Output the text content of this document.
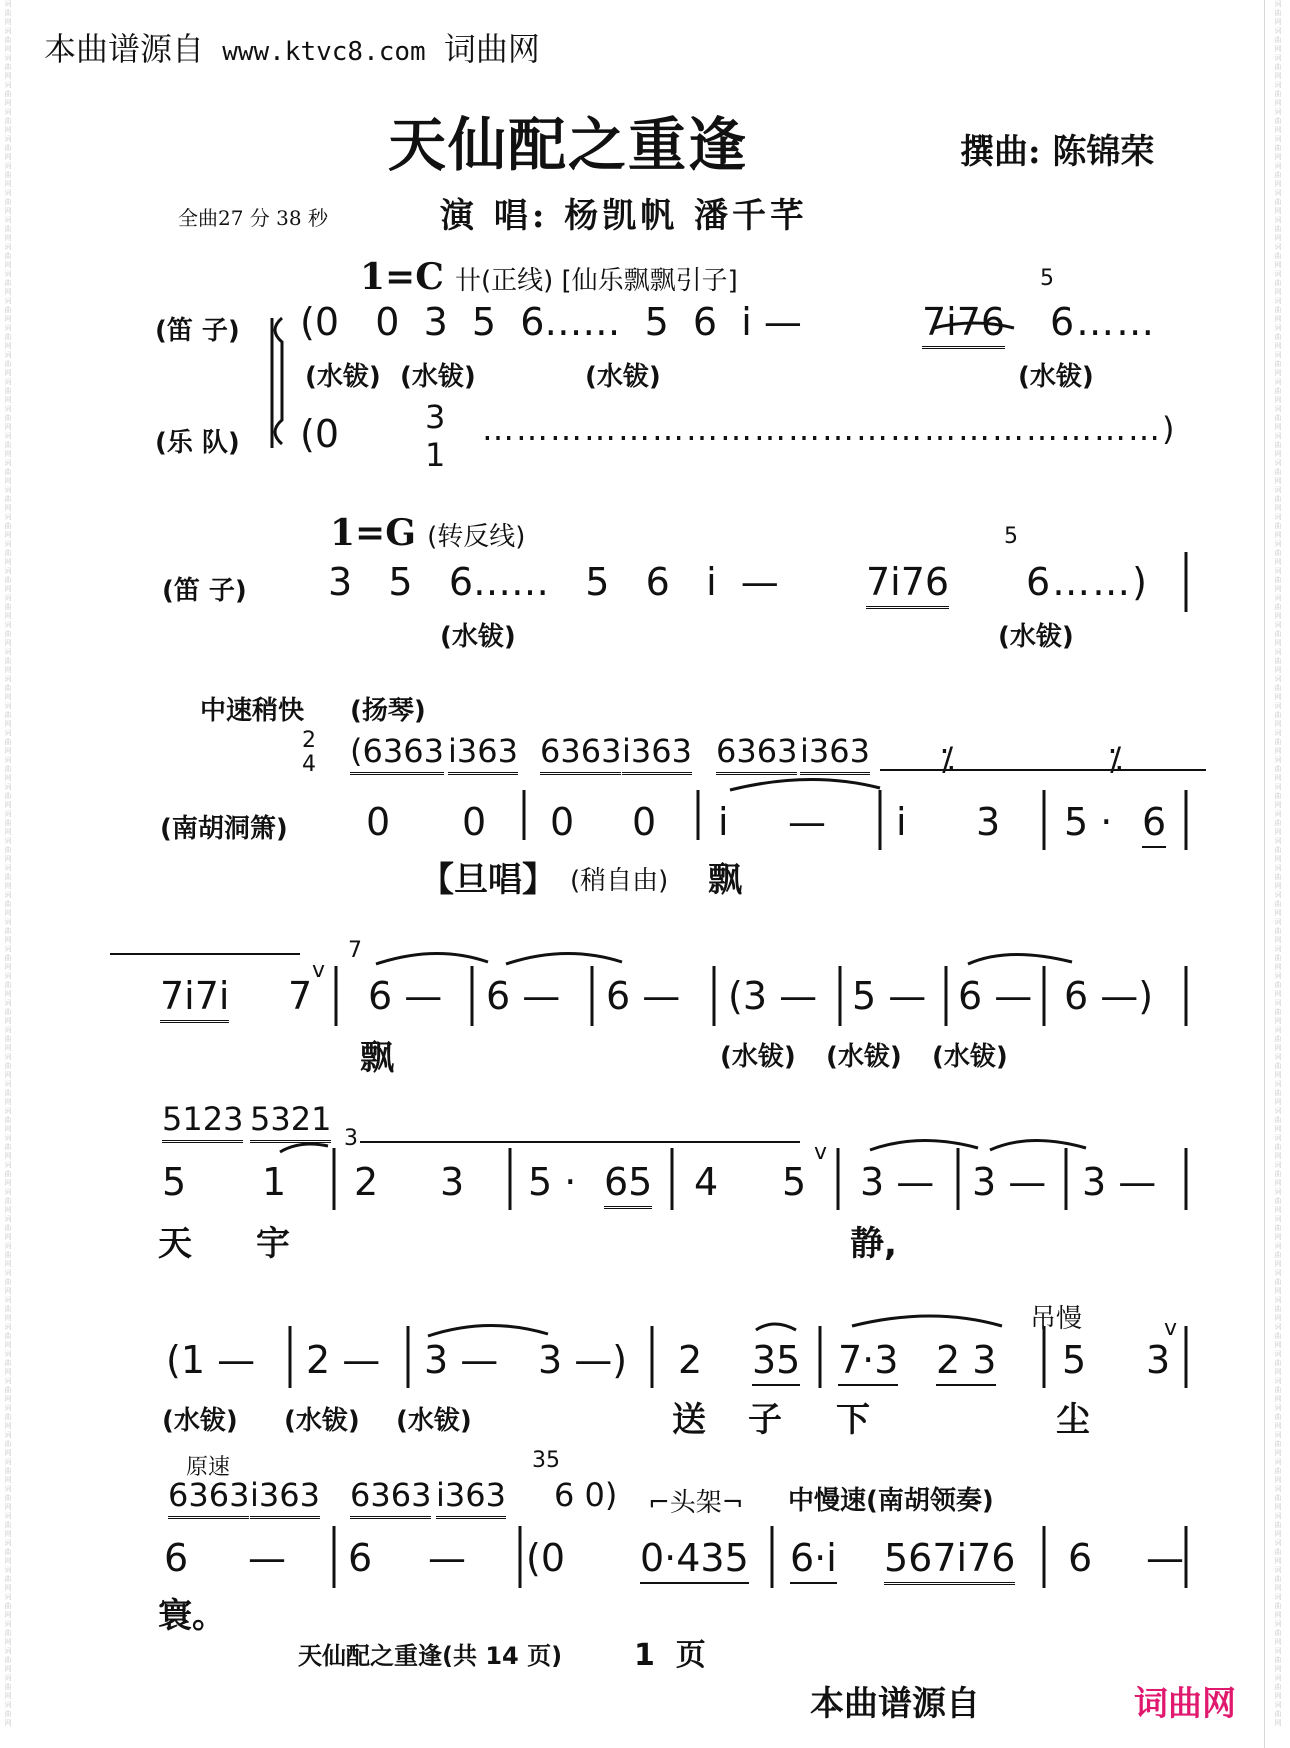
词
曲
网
词
曲
网
词
曲
网
词
曲
网
词
曲
网
词
曲
网
词
曲
网
词
曲
网
词
曲
网
词
曲
网
词
曲
网
词
曲
网
词
曲
网
词
曲
网
词
曲
网
词
曲
网
词
曲
网
词
曲
网
词
曲
网
词
曲
网
词
曲
网
词
曲
网
词
曲
网
词
曲
网
词
曲
网
词
曲
网
词
曲
网
词
曲
网
词
曲
网
词
曲
网
词
曲
网
词
曲
网
词
曲
网
词
曲
网
词
曲
网
词
曲
网
词
曲
网
词
曲
网
词
曲
网
词
曲
网
词
曲
网
词
曲
网
词
曲
网
词
曲
网
词
曲
网
词
曲
网
词
曲
网
词
曲
网
词
曲
网
词
曲
网
词
曲
网
词
曲
网
词
曲
网
词
曲
网
词
曲
网
词
曲
网
词
曲
网
词
曲
网
词
曲
网
词
曲
网
词
曲
网
词
曲
网
词
曲
网
词
曲
网
词
曲
网
词
曲
网
词
曲
网
词
曲
网
词
曲
网
词
曲
网
词
曲
网
词
曲
网
词
曲
网
词
曲
网
词
曲
网
词
曲
网
词
曲
网
词
曲
网
词
曲
网
词
曲
网
词
曲
网
词
曲
网
词
曲
网
词
曲
网
词
曲
网
词
曲
网
词
曲
网
词
曲
网
词
曲
网
词
曲
网
词
曲
网
词
曲
网
词
曲
网
词
曲
网
词
曲
网
词
曲
网
词
曲
网
词
曲
网
词
曲
网
词
曲
网
词
曲
网
词
曲
网
词
曲
网
词
曲
网
词
曲
网
词
曲
网
词
曲
网
词
曲
网
词
曲
网
词
曲
网
词
曲
网
词
曲
网
词
曲
网
词
曲
网
词
曲
网
词
曲
网
词
曲
网
词
曲
网
词
曲
网
词
曲
网
词
曲
网
词
曲
网
词
曲
网
词
曲
网
词
曲
网
词
曲
网
词
曲
网
词
曲
网
本曲谱源自 www.ktvc8.com 词曲网
天仙配之重逢	撰曲: 陈锦荣
全曲27 分 38 秒	演 唱: 杨凯帆 潘千芊
1=C 卄(正线) [仙乐飘飘引子]
(笛 子)
(乐 队)
(0   0  3  5  6……  5  6  i —	7i76
5
6……
(水钹) (水钹)	(水钹)	(水钹)
(0	3
1
……………………………………………………)
1=G (转反线)
(笛 子) 3   5   6……   5   6   i  — 7i76
5
6……)
(水钹)	(水钹)
中速稍快 (扬琴)
2
4 (6363 i363 6363 i363 6363 i363 ⁒	⁒
(南胡洞箫) 0 0 0 0 i — i 3 5 · 6
【旦唱】 (稍自由) 飘
7i7i 7
v
7
6 — 6 — 6 — (3 — 5 — 6 — 6 —)
飘	(水钹) (水钹) (水钹)
5123 5321
5 1
3
2 3 5 · 65 4 5
v
3 — 3 — 3 —
天 宇	静,
(1 — 2 — 3 — 3 —) 2 35 7·3 2 3
吊慢
5 3
v
(水钹) (水钹) (水钹)	送 子 下	尘
原速
6363 i363 6363 i363
35
6 0) ⌐头架¬ 中慢速(南胡领奏)
6 — 6 — (0 0·435 6·i 567i76 6 —
寰。
天仙配之重逢(共 14 页) 1  页
本曲谱源自	词曲网
